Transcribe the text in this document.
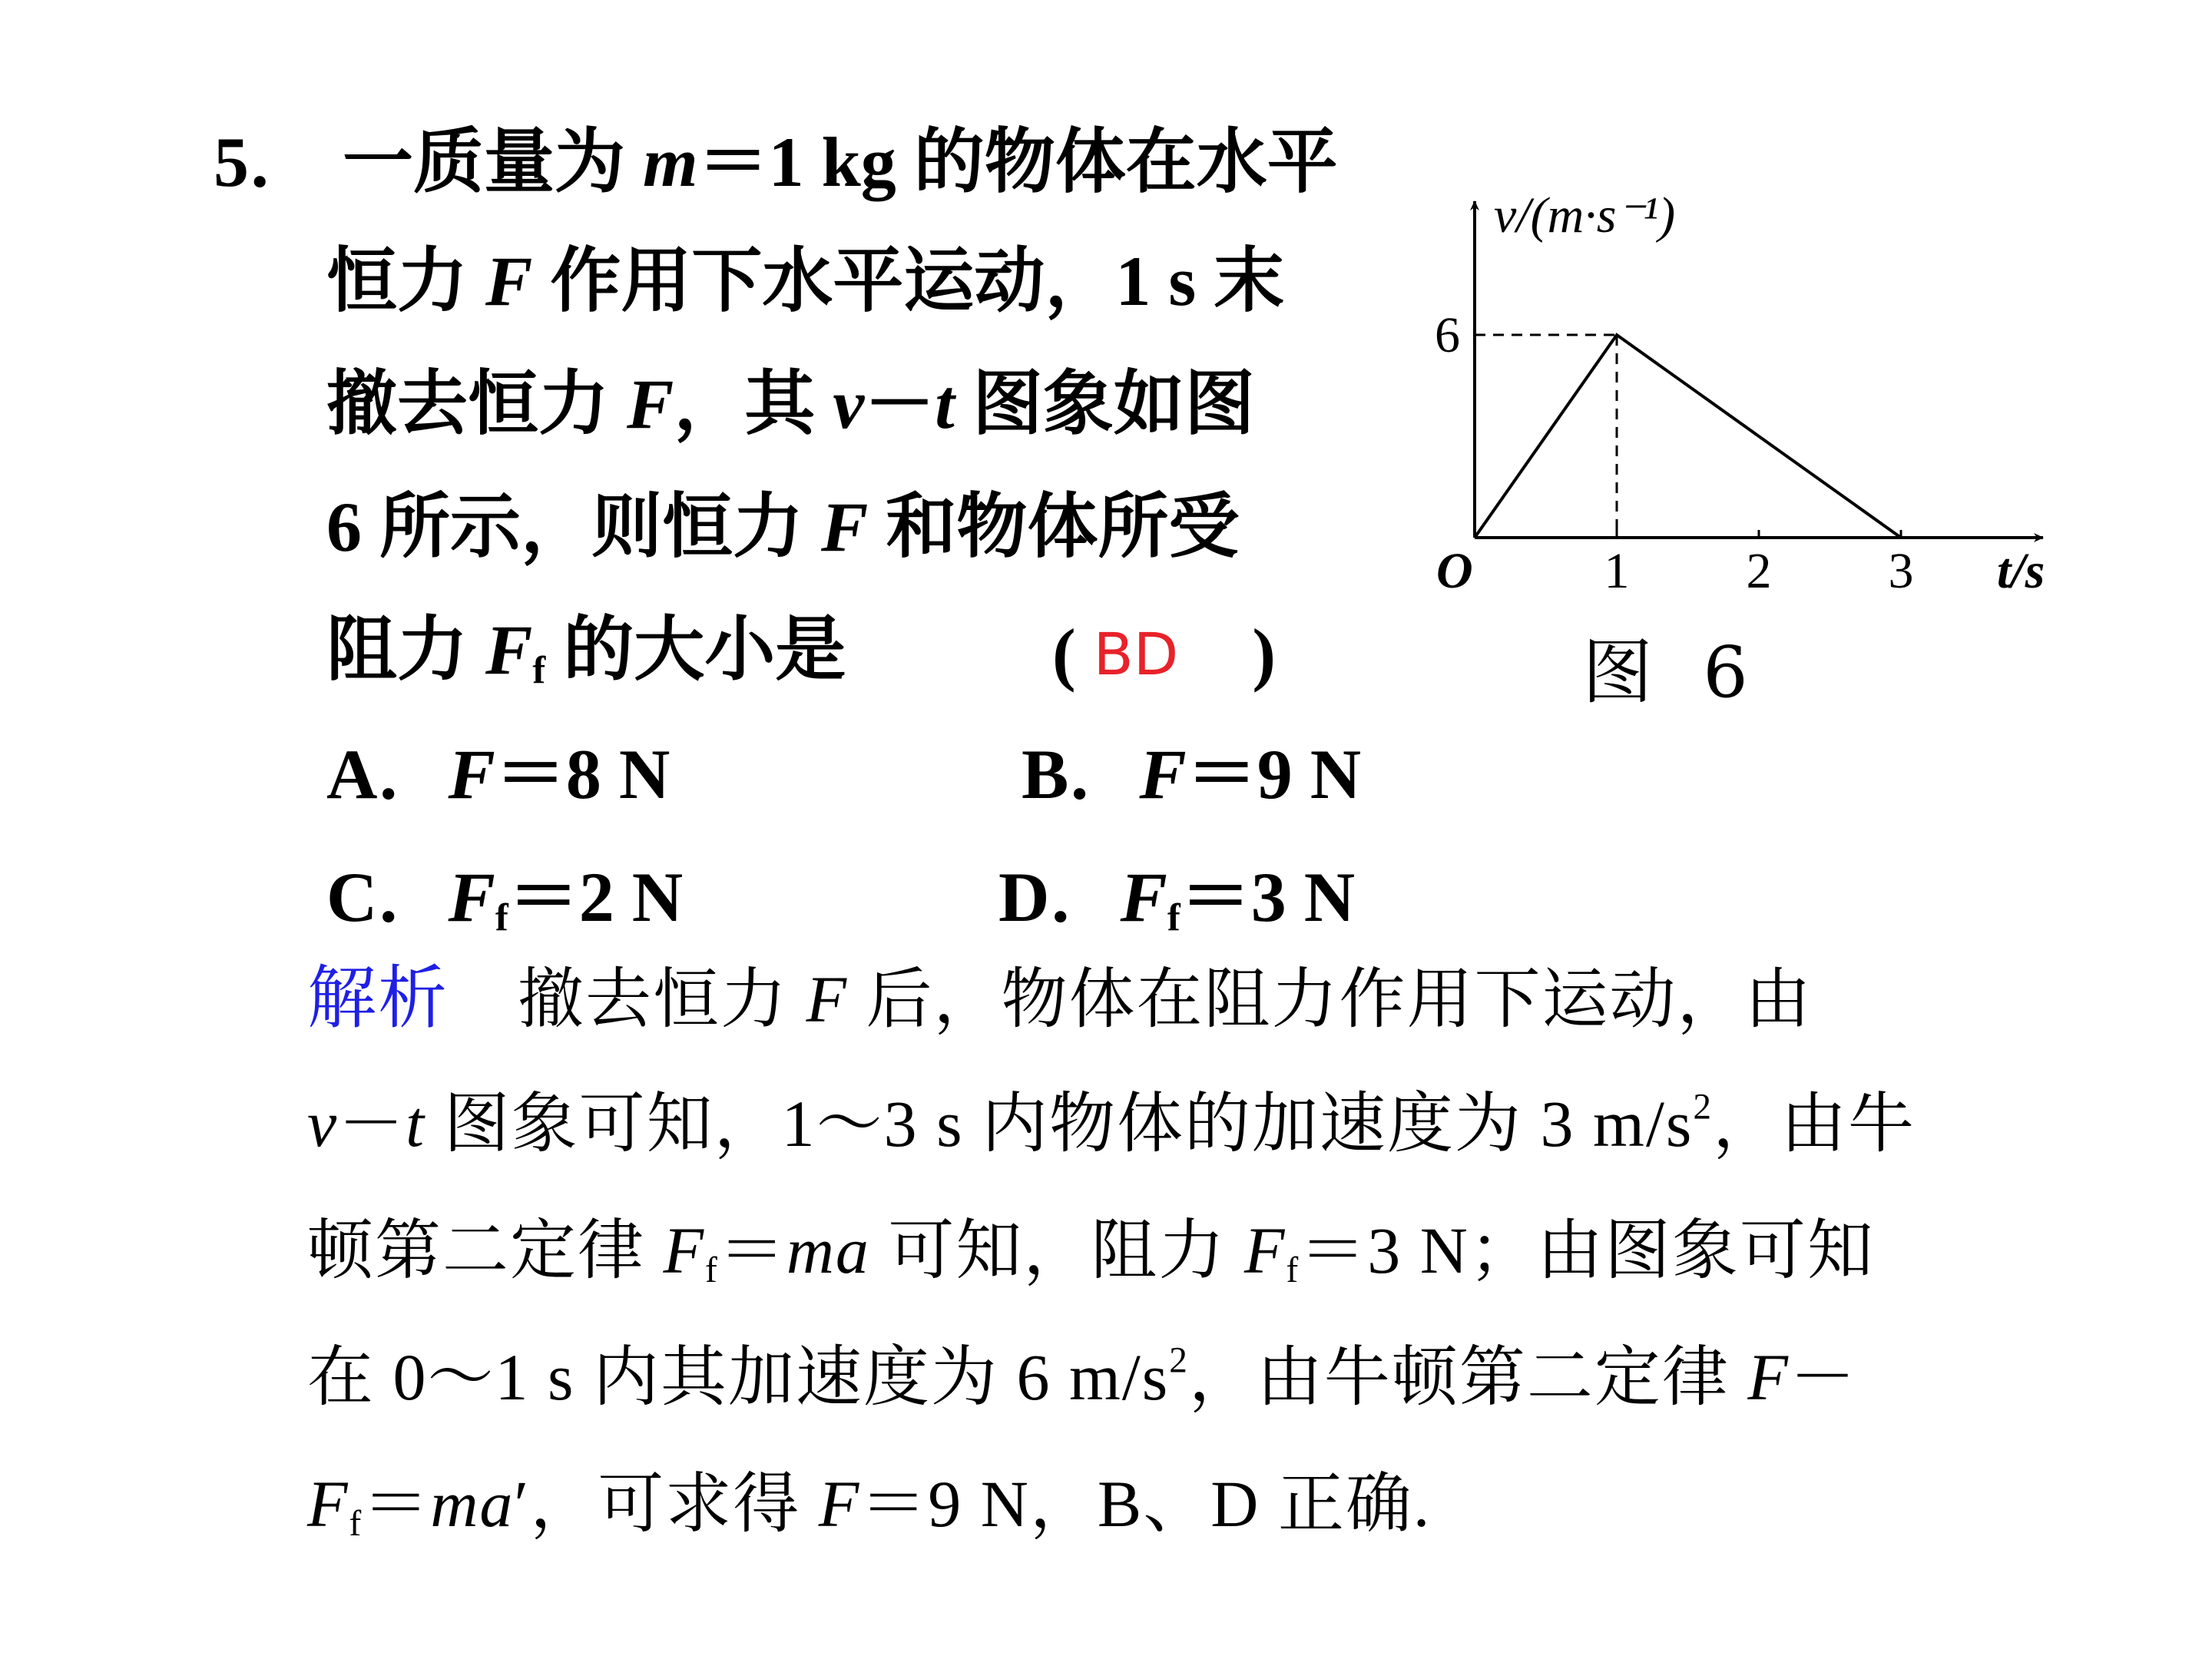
5． 一质量为 m＝1 kg 的物体在水平
恒力 F 作用下水平运动，1 s 末
撤去恒力 F，其 v－t 图象如图
6 所示，则恒力 F 和物体所受
阻力 $F_f$ 的大小是	( BD )
A．F＝8 N	B．F＝9 N
C．$F_f=2$ N	D．$F_f=3$ N
v/(m·s⁻¹)
t/s
O
6
1 2 3
图 6
解析 撤去恒力 F 后，物体在阻力作用下运动，由
v－t 图象可知，1～3 s 内物体的加速度为 3 $m/s^2$，由牛
顿第二定律 $F_f=ma$ 可知，阻力 $F_f=3$ N；由图象可知
在 0～1 s 内其加速度为 6 $m/s^2$，由牛顿第二定律 F－
$F_f=ma'$，可求得 F＝9 N，B、D 正确.
